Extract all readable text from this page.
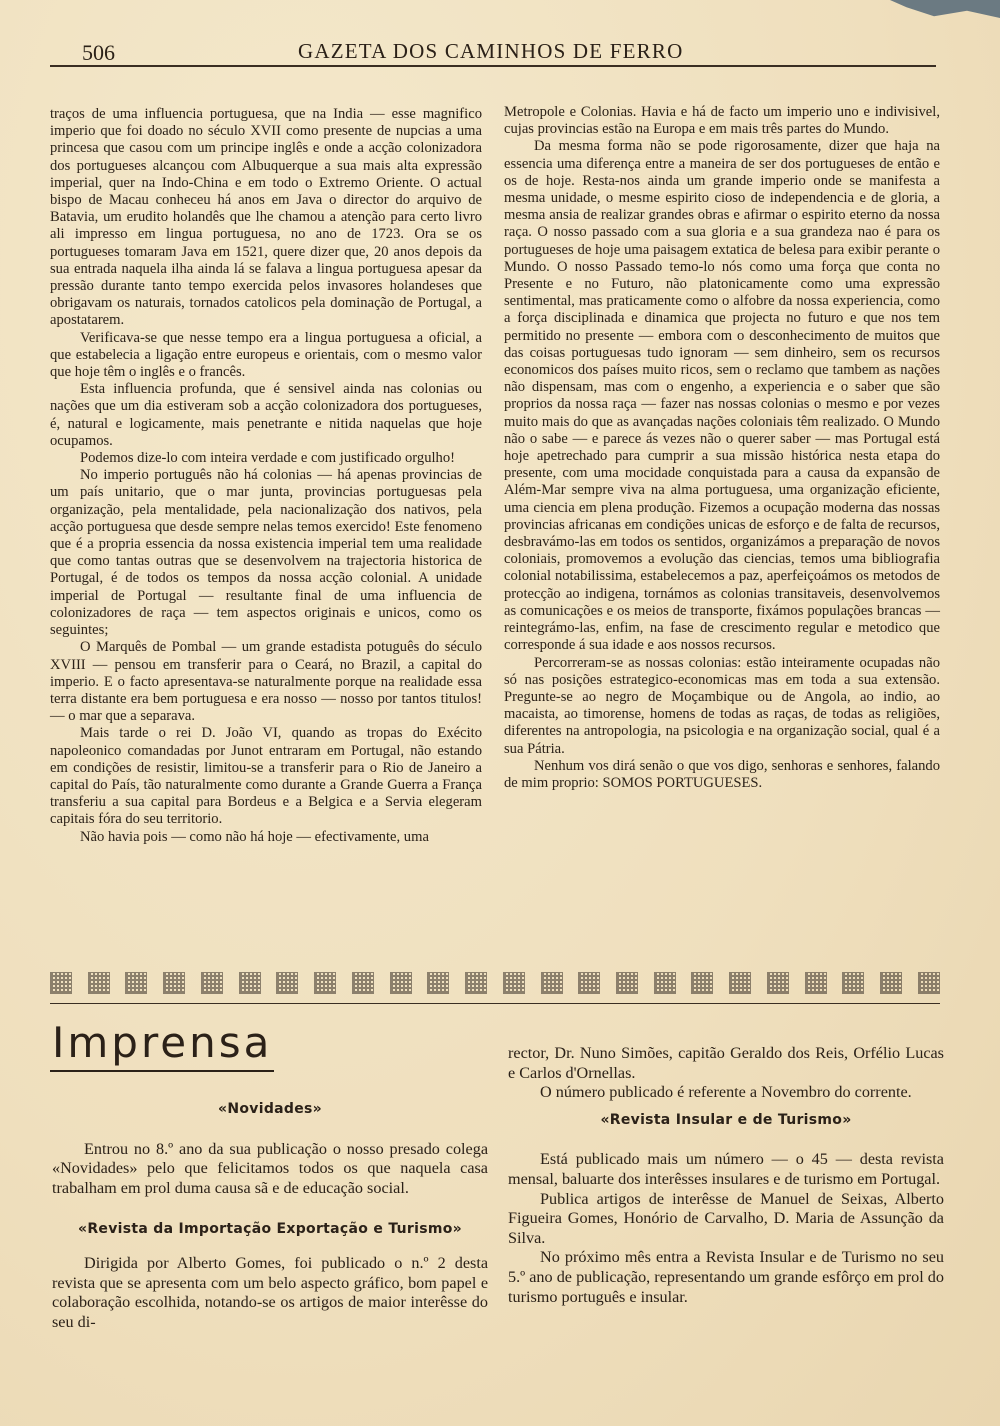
506	GAZETA DOS CAMINHOS DE FERRO

traços de uma influencia portuguesa, que na India — esse magnifico imperio que foi doado no século XVII como presente de nupcias a uma princesa que casou com um principe inglês e onde a acção colonizadora dos portugueses alcançou com Albuquerque a sua mais alta expressão imperial, quer na Indo-China e em todo o Extremo Oriente. O actual bispo de Macau conheceu há anos em Java o director do arquivo de Batavia, um erudito holandês que lhe chamou a atenção para certo livro ali impresso em lingua portuguesa, no ano de 1723. Ora se os portugueses tomaram Java em 1521, quere dizer que, 20 anos depois da sua entrada naquela ilha ainda lá se falava a lingua portuguesa apesar da pressão durante tanto tempo exercida pelos invasores holandeses que obrigavam os naturais, tornados catolicos pela dominação de Portugal, a apostatarem.

Verificava-se que nesse tempo era a lingua portuguesa a oficial, a que estabelecia a ligação entre europeus e orientais, com o mesmo valor que hoje têm o inglês e o francês.

Esta influencia profunda, que é sensivel ainda nas colonias ou nações que um dia estiveram sob a acção colonizadora dos portugueses, é, natural e logicamente, mais penetrante e nitida naquelas que hoje ocupamos.

Podemos dize-lo com inteira verdade e com justificado orgulho!

No imperio português não há colonias — há apenas provincias de um país unitario, que o mar junta, provincias portuguesas pela organização, pela mentalidade, pela nacionalização dos nativos, pela acção portuguesa que desde sempre nelas temos exercido! Este fenomeno que é a propria essencia da nossa existencia imperial tem uma realidade que como tantas outras que se desenvolvem na trajectoria historica de Portugal, é de todos os tempos da nossa acção colonial. A unidade imperial de Portugal — resultante final de uma influencia de colonizadores de raça — tem aspectos originais e unicos, como os seguintes;

O Marquês de Pombal — um grande estadista potuguês do século XVIII — pensou em transferir para o Ceará, no Brazil, a capital do imperio. E o facto apresentava-se naturalmente porque na realidade essa terra distante era bem portuguesa e era nosso — nosso por tantos titulos! — o mar que a separava.

Mais tarde o rei D. João VI, quando as tropas do Exécito napoleonico comandadas por Junot entraram em Portugal, não estando em condições de resistir, limitou-se a transferir para o Rio de Janeiro a capital do País, tão naturalmente como durante a Grande Guerra a França transferiu a sua capital para Bordeus e a Belgica e a Servia elegeram capitais fóra do seu territorio.

Não havia pois — como não há hoje — efectivamente, uma

Metropole e Colonias. Havia e há de facto um imperio uno e indivisivel, cujas provincias estão na Europa e em mais três partes do Mundo.

Da mesma forma não se pode rigorosamente, dizer que haja na essencia uma diferença entre a maneira de ser dos portugueses de então e os de hoje. Resta-nos ainda um grande imperio onde se manifesta a mesma unidade, o mesme espirito cioso de independencia e de gloria, a mesma ansia de realizar grandes obras e afirmar o espirito eterno da nossa raça. O nosso passado com a sua gloria e a sua grandeza nao é para os portugueses de hoje uma paisagem extatica de belesa para exibir perante o Mundo. O nosso Passado temo-lo nós como uma força que conta no Presente e no Futuro, não platonicamente como uma expressão sentimental, mas praticamente como o alfobre da nossa experiencia, como a força disciplinada e dinamica que projecta no futuro e que nos tem permitido no presente — embora com o desconhecimento de muitos que das coisas portuguesas tudo ignoram — sem dinheiro, sem os recursos economicos dos países muito ricos, sem o reclamo que tambem as nações não dispensam, mas com o engenho, a experiencia e o saber que são proprios da nossa raça — fazer nas nossas colonias o mesmo e por vezes muito mais do que as avançadas nações coloniais têm realizado. O Mundo não o sabe — e parece ás vezes não o querer saber — mas Portugal está hoje apetrechado para cumprir a sua missão histórica nesta etapa do presente, com uma mocidade conquistada para a causa da expansão de Além-Mar sempre viva na alma portuguesa, uma organização eficiente, uma ciencia em plena produção. Fizemos a ocupação moderna das nossas provincias africanas em condições unicas de esforço e de falta de recursos, desbravámo-las em todos os sentidos, organizámos a preparação de novos coloniais, promovemos a evolução das ciencias, temos uma bibliografia colonial notabilissima, estabelecemos a paz, aperfeiçoámos os metodos de protecção ao indigena, tornámos as colonias transitaveis, desenvolvemos as comunicações e os meios de transporte, fixámos populações brancas — reintegrámo-las, enfim, na fase de crescimento regular e metodico que corresponde á sua idade e aos nossos recursos.

Percorreram-se as nossas colonias: estão inteiramente ocupadas não só nas posições estrategico-economicas mas em toda a sua extensão. Pregunte-se ao negro de Moçambique ou de Angola, ao indio, ao macaista, ao timorense, homens de todas as raças, de todas as religiões, diferentes na antropologia, na psicologia e na organização social, qual é a sua Pátria.

Nenhum vos dirá senão o que vos digo, senhoras e senhores, falando de mim proprio: SOMOS PORTUGUESES.

Imprensa
«Novidades»

Entrou no 8.º ano da sua publicação o nosso presado colega «Novidades» pelo que felicitamos todos os que naquela casa trabalham em prol duma causa sã e de educação social.

«Revista da Importação Exportação e Turismo»

Dirigida por Alberto Gomes, foi publicado o n.º 2 desta revista que se apresenta com um belo aspecto gráfico, bom papel e colaboração escolhida, notando-se os artigos de maior interêsse do seu di-

rector, Dr. Nuno Simões, capitão Geraldo dos Reis, Orfélio Lucas e Carlos d'Ornellas.

O número publicado é referente a Novembro do corrente.

«Revista Insular e de Turismo»

Está publicado mais um número — o 45 — desta revista mensal, baluarte dos interêsses insulares e de turismo em Portugal.

Publica artigos de interêsse de Manuel de Seixas, Alberto Figueira Gomes, Honório de Carvalho, D. Maria de Assunção da Silva.

No próximo mês entra a Revista Insular e de Turismo no seu 5.º ano de publicação, representando um grande esfôrço em prol do turismo português e insular.
